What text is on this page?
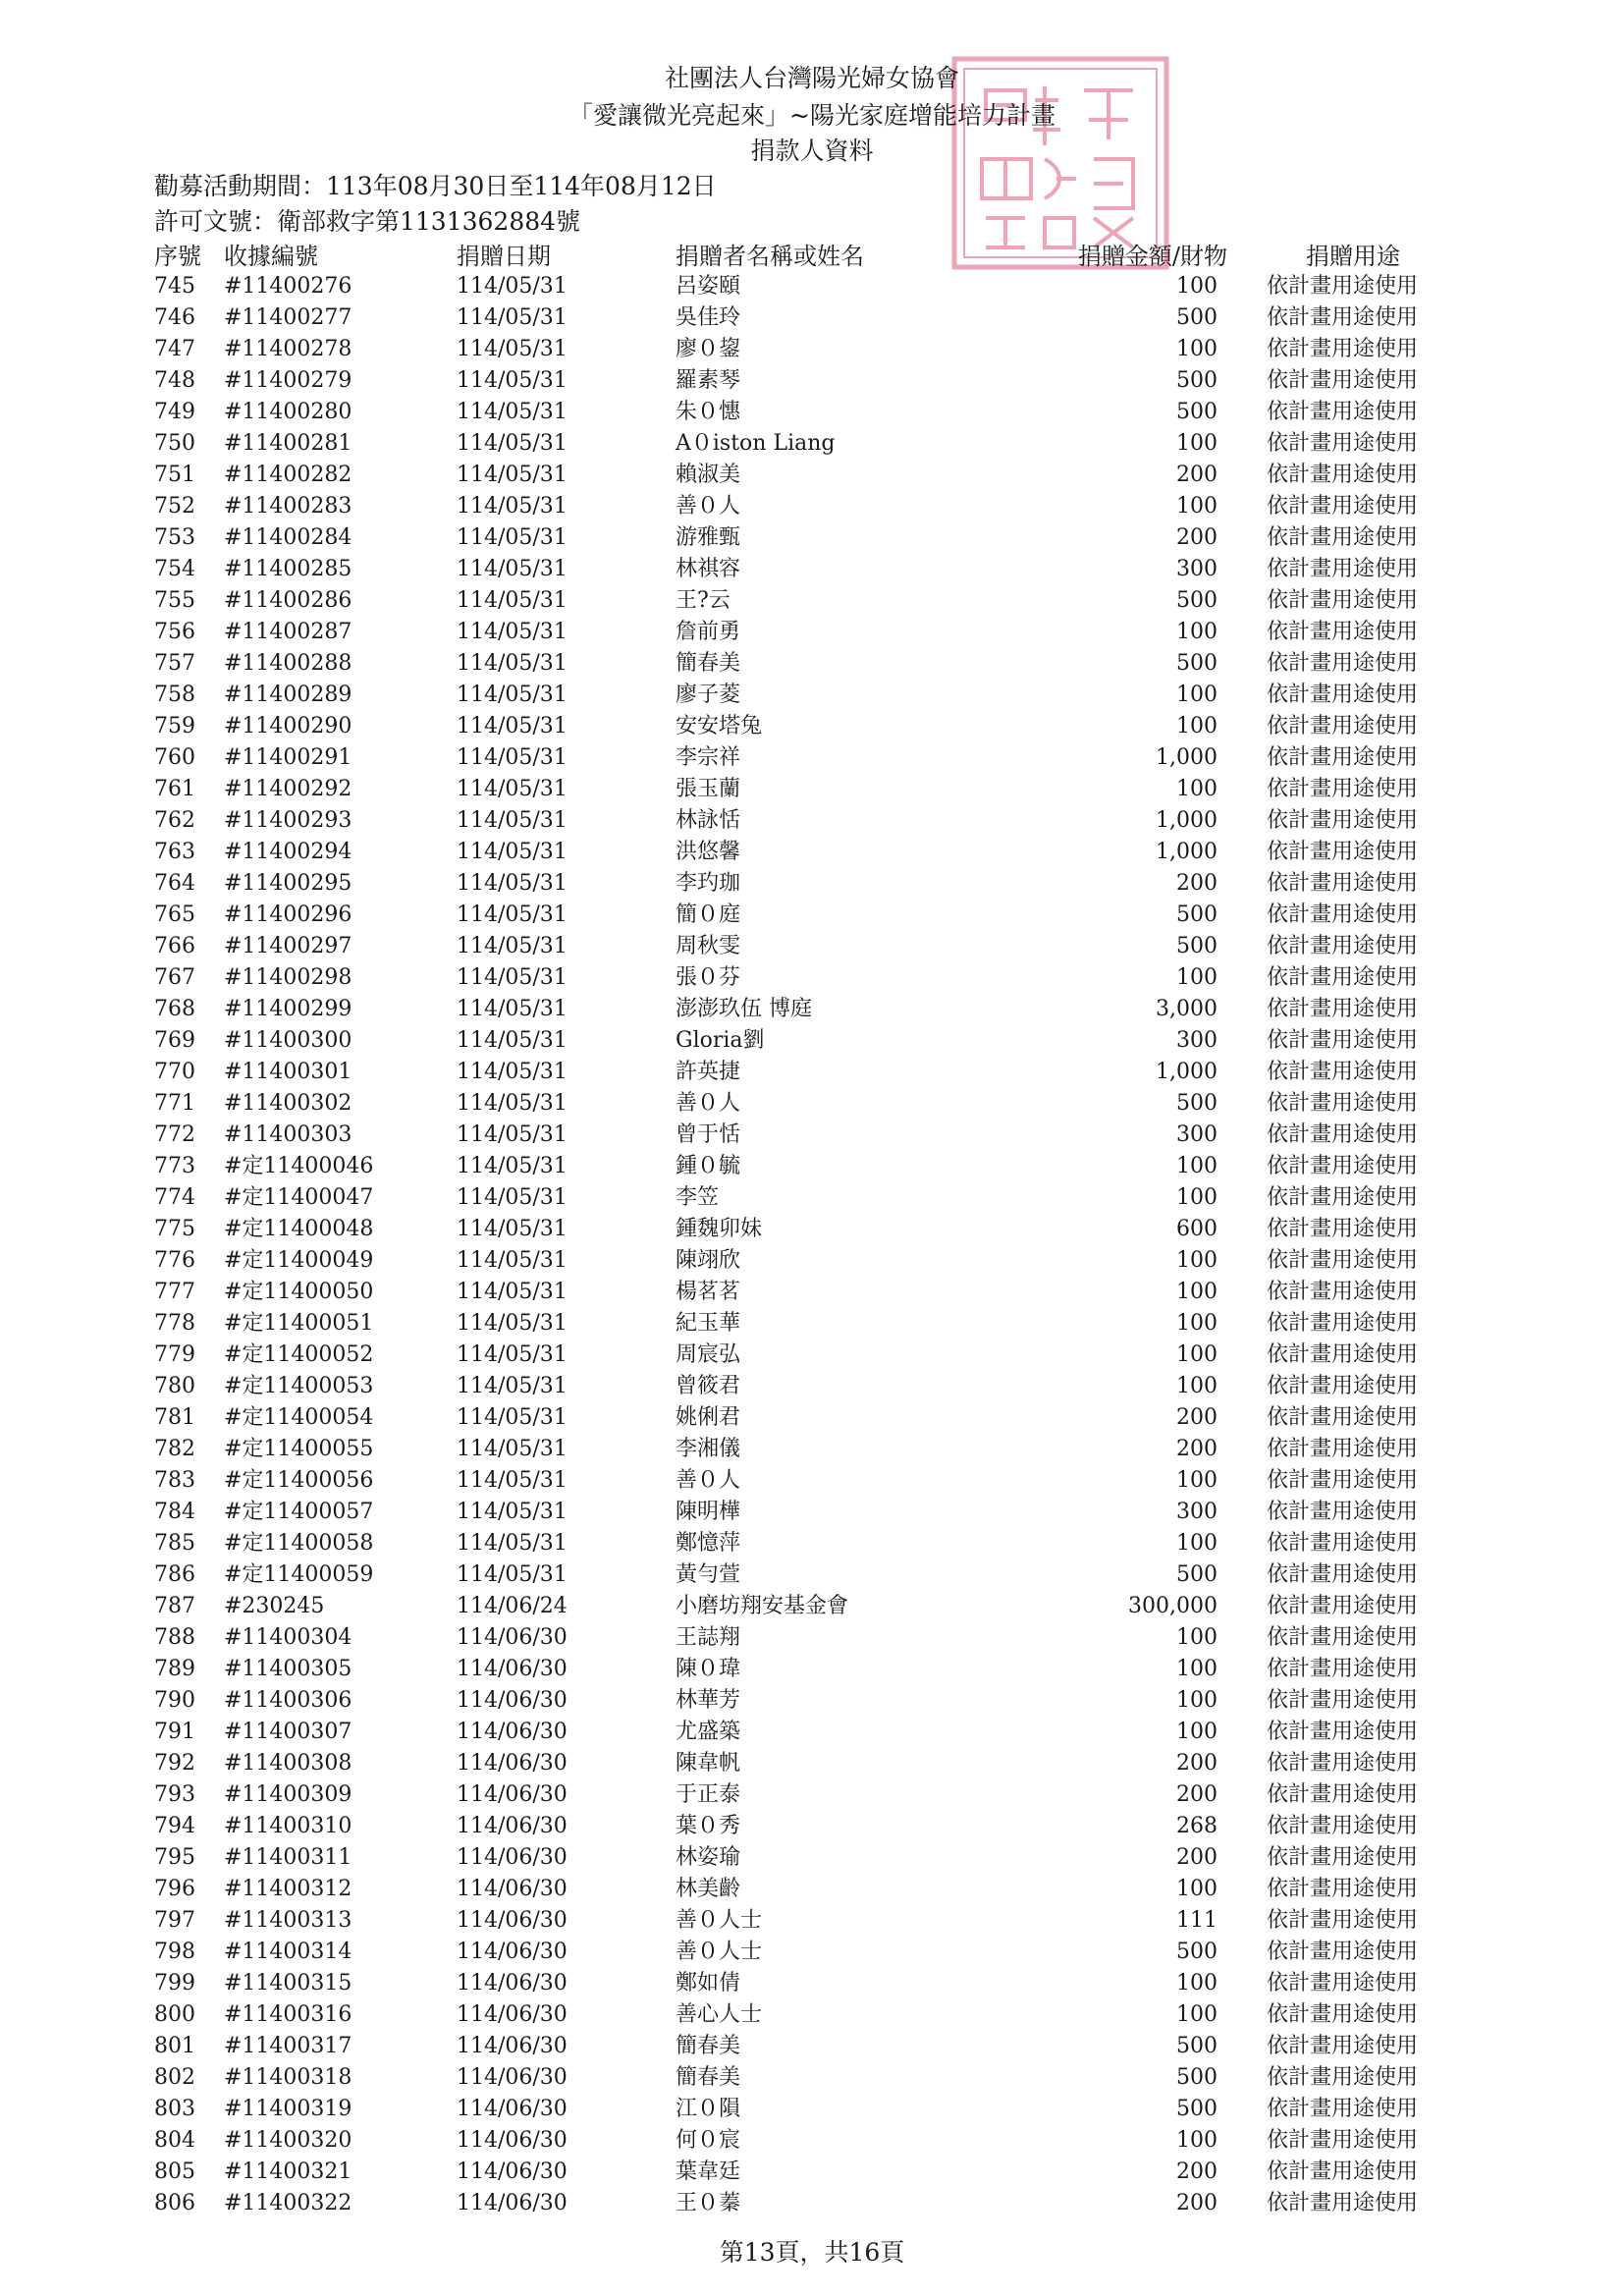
社團法人台灣陽光婦女協會
「愛讓微光亮起來」~陽光家庭增能培力計畫
捐款人資料
勸募活動期間：113年08月30日至114年08月12日
許可文號：衛部救字第1131362884號
序號 收據編號	捐贈日期	捐贈者名稱或姓名	捐贈金額/財物	捐贈用途
745	#11400276	114/05/31	呂姿頤	100 依計畫用途使用
746	#11400277	114/05/31	吳佳玲	500 依計畫用途使用
747	#11400278	114/05/31	廖０鋆	100 依計畫用途使用
748	#11400279	114/05/31	羅素琴	500 依計畫用途使用
749	#11400280	114/05/31	朱０憓	500 依計畫用途使用
750	#11400281	114/05/31	A０iston Liang	100 依計畫用途使用
751	#11400282	114/05/31	賴淑美	200 依計畫用途使用
752	#11400283	114/05/31	善０人	100 依計畫用途使用
753	#11400284	114/05/31	游雅甄	200 依計畫用途使用
754	#11400285	114/05/31	林祺容	300 依計畫用途使用
755	#11400286	114/05/31	王?云	500 依計畫用途使用
756	#11400287	114/05/31	詹前勇	100 依計畫用途使用
757	#11400288	114/05/31	簡春美	500 依計畫用途使用
758	#11400289	114/05/31	廖子菱	100 依計畫用途使用
759	#11400290	114/05/31	安安塔兔	100 依計畫用途使用
760	#11400291	114/05/31	李宗祥	1,000 依計畫用途使用
761	#11400292	114/05/31	張玉蘭	100 依計畫用途使用
762	#11400293	114/05/31	林詠恬	1,000 依計畫用途使用
763	#11400294	114/05/31	洪悠馨	1,000 依計畫用途使用
764	#11400295	114/05/31	李玓珈	200 依計畫用途使用
765	#11400296	114/05/31	簡０庭	500 依計畫用途使用
766	#11400297	114/05/31	周秋雯	500 依計畫用途使用
767	#11400298	114/05/31	張０芬	100 依計畫用途使用
768	#11400299	114/05/31	澎澎玖伍 博庭	3,000 依計畫用途使用
769	#11400300	114/05/31	Gloria劉	300 依計畫用途使用
770	#11400301	114/05/31	許英捷	1,000 依計畫用途使用
771	#11400302	114/05/31	善０人	500 依計畫用途使用
772	#11400303	114/05/31	曾于恬	300 依計畫用途使用
773	#定11400046	114/05/31	鍾０毓	100 依計畫用途使用
774	#定11400047	114/05/31	李笠	100 依計畫用途使用
775	#定11400048	114/05/31	鍾魏卯妹	600 依計畫用途使用
776	#定11400049	114/05/31	陳翊欣	100 依計畫用途使用
777	#定11400050	114/05/31	楊茗茗	100 依計畫用途使用
778	#定11400051	114/05/31	紀玉華	100 依計畫用途使用
779	#定11400052	114/05/31	周宸弘	100 依計畫用途使用
780	#定11400053	114/05/31	曾筱君	100 依計畫用途使用
781	#定11400054	114/05/31	姚俐君	200 依計畫用途使用
782	#定11400055	114/05/31	李湘儀	200 依計畫用途使用
783	#定11400056	114/05/31	善０人	100 依計畫用途使用
784	#定11400057	114/05/31	陳明樺	300 依計畫用途使用
785	#定11400058	114/05/31	鄭憶萍	100 依計畫用途使用
786	#定11400059	114/05/31	黃勻萱	500 依計畫用途使用
787	#230245	114/06/24	小磨坊翔安基金會	300,000 依計畫用途使用
788	#11400304	114/06/30	王誌翔	100 依計畫用途使用
789	#11400305	114/06/30	陳０瑋	100 依計畫用途使用
790	#11400306	114/06/30	林華芳	100 依計畫用途使用
791	#11400307	114/06/30	尤盛築	100 依計畫用途使用
792	#11400308	114/06/30	陳韋帆	200 依計畫用途使用
793	#11400309	114/06/30	于正泰	200 依計畫用途使用
794	#11400310	114/06/30	葉０秀	268 依計畫用途使用
795	#11400311	114/06/30	林姿瑜	200 依計畫用途使用
796	#11400312	114/06/30	林美齡	100 依計畫用途使用
797	#11400313	114/06/30	善０人士	111 依計畫用途使用
798	#11400314	114/06/30	善０人士	500 依計畫用途使用
799	#11400315	114/06/30	鄭如倩	100 依計畫用途使用
800	#11400316	114/06/30	善心人士	100 依計畫用途使用
801	#11400317	114/06/30	簡春美	500 依計畫用途使用
802	#11400318	114/06/30	簡春美	500 依計畫用途使用
803	#11400319	114/06/30	江０隕	500 依計畫用途使用
804	#11400320	114/06/30	何０宸	100 依計畫用途使用
805	#11400321	114/06/30	葉韋廷	200 依計畫用途使用
806	#11400322	114/06/30	王０蓁	200 依計畫用途使用
第13頁，共16頁
